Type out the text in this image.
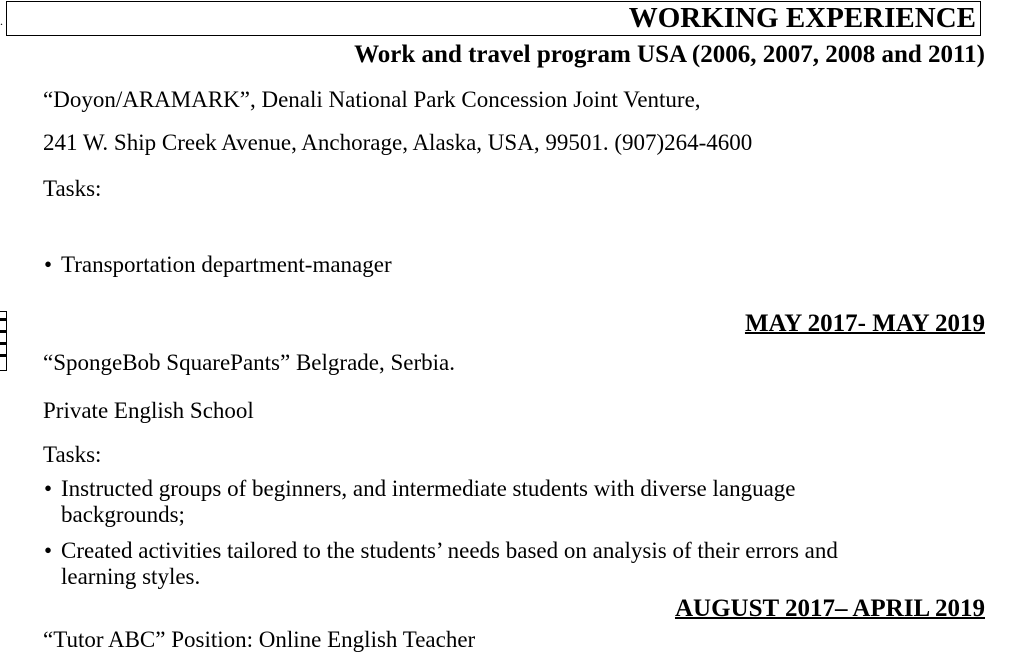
.	WORKING EXPERIENCE
Work and travel program USA (2006, 2007, 2008 and 2011)
“Doyon/ARAMARK”, Denali National Park Concession Joint Venture,
241 W. Ship Creek Avenue, Anchorage, Alaska, USA, 99501. (907)264-4600
Tasks:
• Transportation department-manager
MAY 2017- MAY 2019
“SpongeBob SquarePants” Belgrade, Serbia.
Private English School
Tasks:
• Instructed groups of beginners, and intermediate students with diverse language backgrounds;
• Created activities tailored to the students’ needs based on analysis of their errors and learning styles.
AUGUST 2017– APRIL 2019
“Tutor ABC” Position: Online English Teacher
